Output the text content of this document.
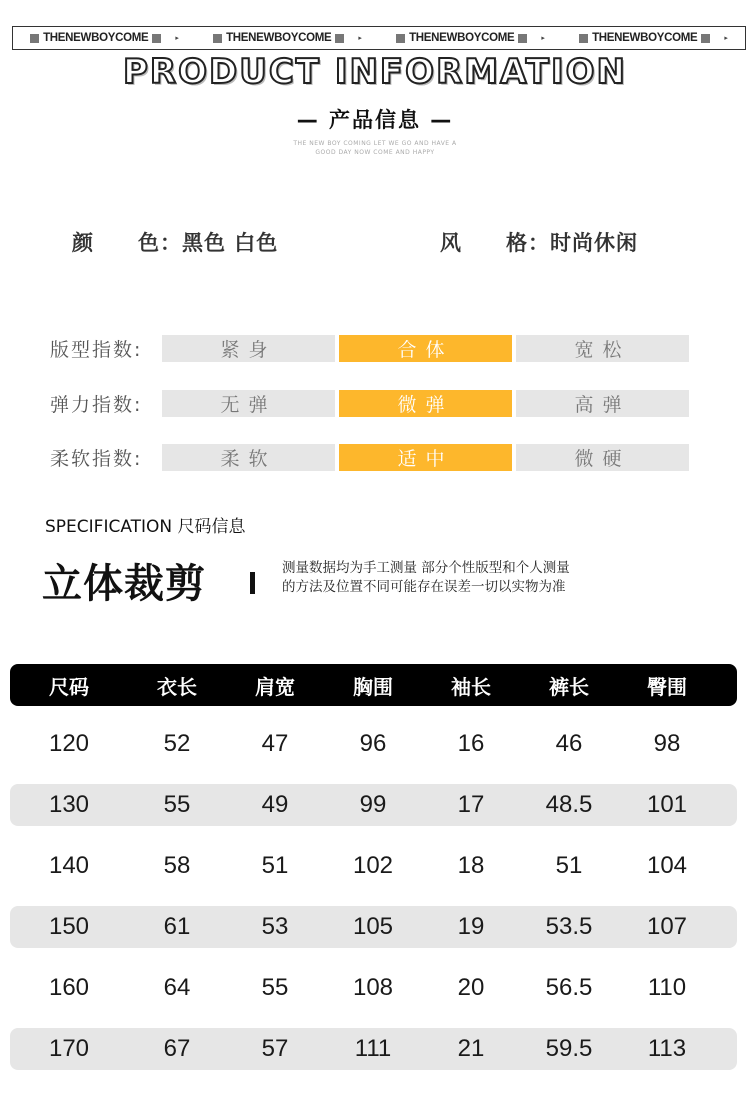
THENEWBOYCOME	▸	THENEWBOYCOME	▸	THENEWBOYCOME	▸	THENEWBOYCOME	▸
PRODUCT INFORMATION
— 产品信息 —
THE NEW BOY COMING LET WE GO AND HAVE A
GOOD DAY NOW COME AND HAPPY
颜　　色：黑色 白色	风　　格：时尚休闲
版型指数:	紧身	合体	宽松
弹力指数:	无弹	微弹	高弹
柔软指数:	柔软	适中	微硬
SPECIFICATION 尺码信息
立体裁剪	测量数据均为手工测量 部分个性版型和个人测量
的方法及位置不同可能存在误差一切以实物为准
尺码	衣长	肩宽	胸围	袖长	裤长	臀围
120	52	47	96	16	46	98
130	55	49	99	17	48.5	101
140	58	51	102	18	51	104
150	61	53	105	19	53.5	107
160	64	55	108	20	56.5	110
170	67	57	111	21	59.5	113
